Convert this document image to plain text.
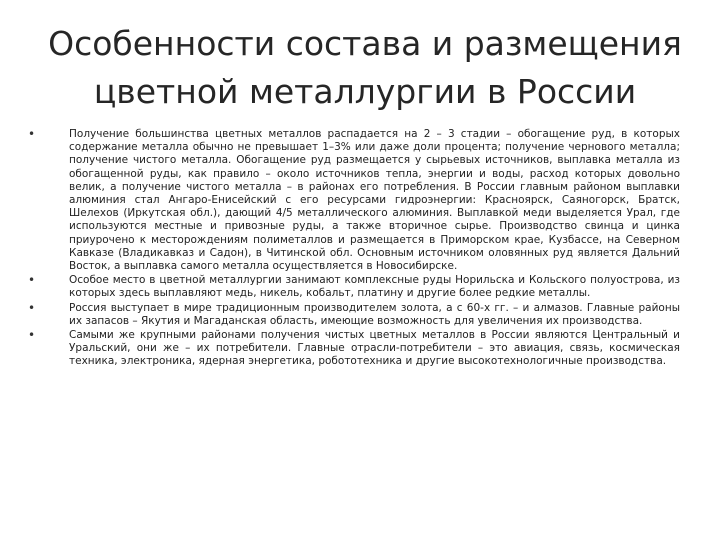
Особенности состава и размещения
цветной металлургии в России
•	Получение большинства цветных металлов распадается на 2 – 3 стадии – обогащение руд, в которых содержание металла обычно не превышает 1–3% или даже доли процента; получение чернового металла; получение чистого металла. Обогащение руд размещается у сырьевых источников, выплавка металла из обогащенной руды, как правило – около источников тепла, энергии и воды, расход которых довольно велик, а получение чистого металла – в районах его потребления. В России главным районом выплавки алюминия стал Ангаро-Енисейский с его ресурсами гидроэнергии: Красноярск, Саяногорск, Братск, Шелехов (Иркутская обл.), дающий 4/5 металлического алюминия. Выплавкой меди выделяется Урал, где используются местные и привозные руды, а также вторичное сырье. Производство свинца и цинка приурочено к месторождениям полиметаллов и размещается в Приморском крае, Кузбассе, на Северном Кавказе (Владикавказ и Садон), в Читинской обл. Основным источником оловянных руд является Дальний Восток, а выплавка самого металла осуществляется в Новосибирске.
•	Особое место в цветной металлургии занимают комплексные руды Норильска и Кольского полуострова, из которых здесь выплавляют медь, никель, кобальт, платину и другие более редкие металлы.
•	Россия выступает в мире традиционным производителем золота, а с 60-х гг. – и алмазов. Главные районы их запасов – Якутия и Магаданская область, имеющие возможность для увеличения их производства.
•	Самыми же крупными районами получения чистых цветных металлов в России являются Центральный и Уральский, они же – их потребители. Главные отрасли-потребители – это авиация, связь, космическая техника, электроника, ядерная энергетика, робототехника и другие высокотехнологичные производства.
